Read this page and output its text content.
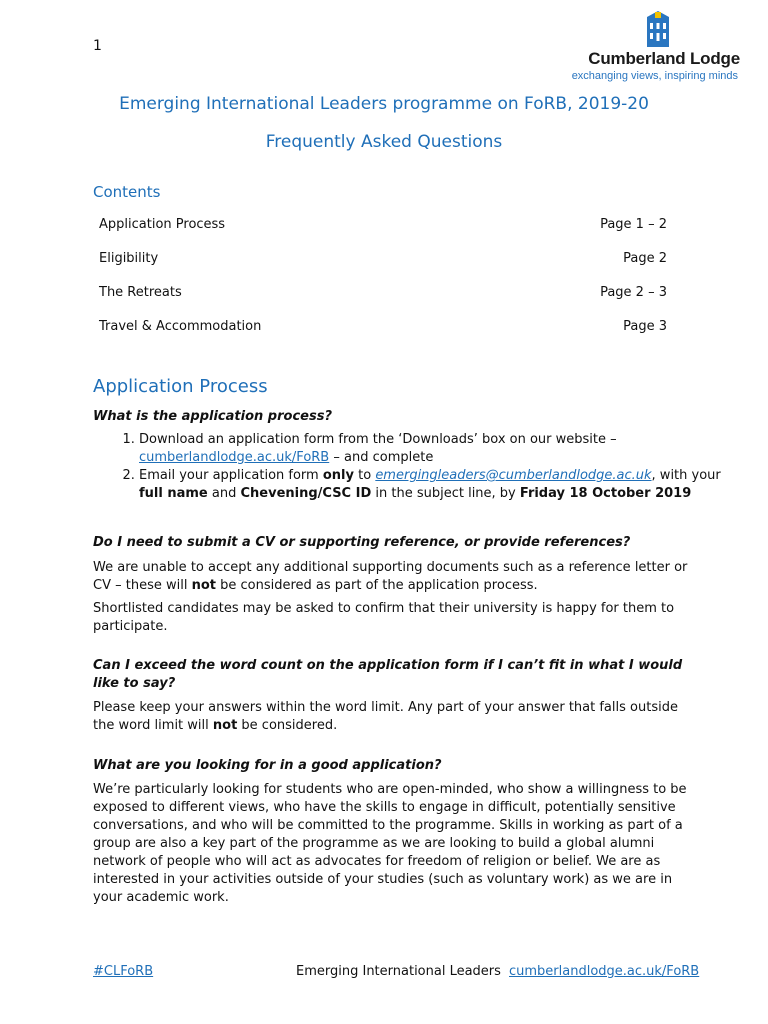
1
Cumberland Lodge
exchanging views, inspiring minds
Emerging International Leaders programme on FoRB, 2019-20
Frequently Asked Questions
Contents
Application Process	Page 1 – 2
Eligibility	Page 2
The Retreats	Page 2 – 3
Travel & Accommodation	Page 3
Application Process
What is the application process?
1. Download an application form from the ‘Downloads’ box on our website –
cumberlandlodge.ac.uk/FoRB – and complete
2. Email your application form only to emergingleaders@cumberlandlodge.ac.uk, with your full name and Chevening/CSC ID in the subject line, by Friday 18 October 2019
Do I need to submit a CV or supporting reference, or provide references?
We are unable to accept any additional supporting documents such as a reference letter or CV – these will not be considered as part of the application process.
Shortlisted candidates may be asked to confirm that their university is happy for them to participate.
Can I exceed the word count on the application form if I can’t fit in what I would like to say?
Please keep your answers within the word limit. Any part of your answer that falls outside the word limit will not be considered.
What are you looking for in a good application?
We’re particularly looking for students who are open-minded, who show a willingness to be exposed to different views, who have the skills to engage in difficult, potentially sensitive conversations, and who will be committed to the programme. Skills in working as part of a group are also a key part of the programme as we are looking to build a global alumni network of people who will act as advocates for freedom of religion or belief. We are as interested in your activities outside of your studies (such as voluntary work) as we are in your academic work.
#CLFoRB	Emerging International Leaders cumberlandlodge.ac.uk/FoRB
